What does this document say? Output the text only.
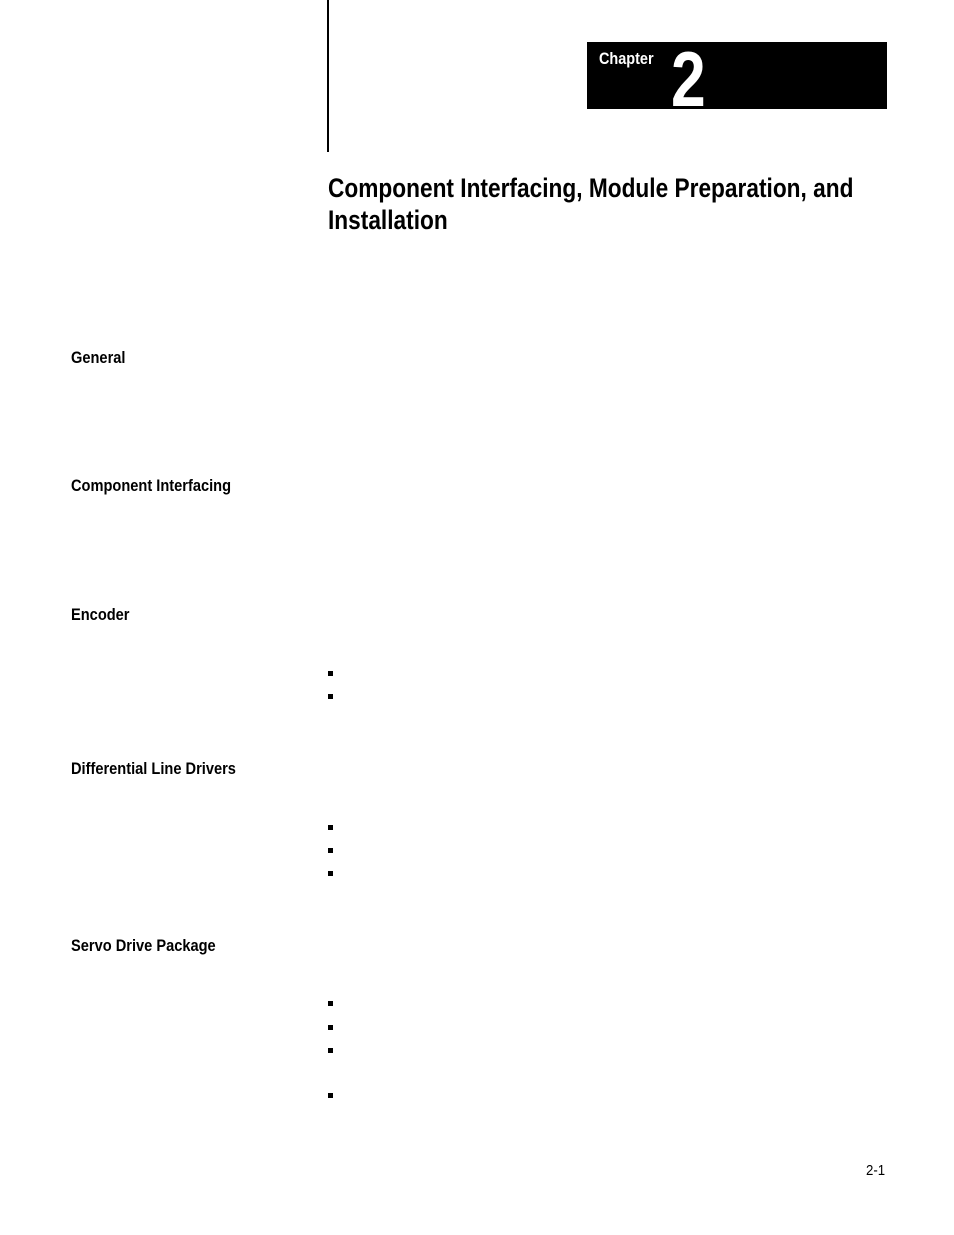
Chapter 2
Component Interfacing, Module Preparation, and Installation
General
Component Interfacing
Encoder
Differential Line Drivers
Servo Drive Package
2-1
